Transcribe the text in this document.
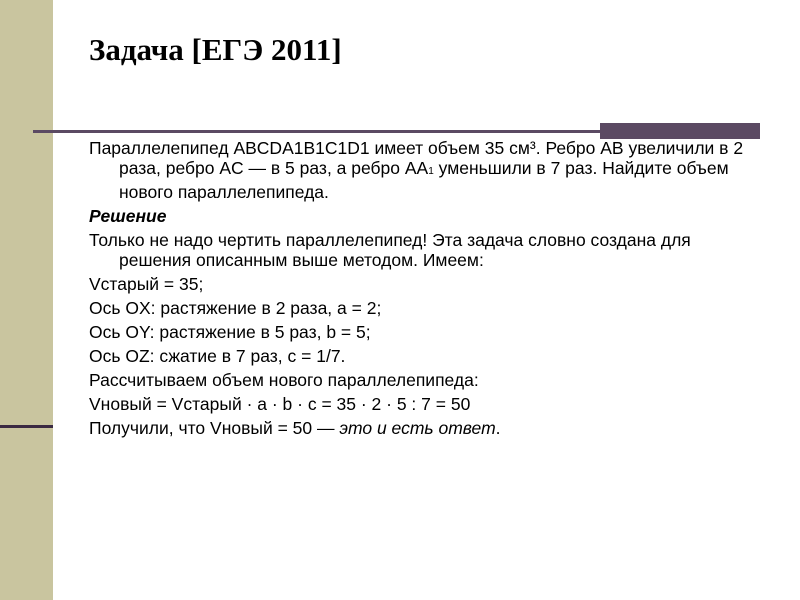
Задача [ЕГЭ 2011]

Параллелепипед ABCDA1B1C1D1 имеет объем 35 см³. Ребро AB увеличили в 2 раза, ребро AC — в 5 раз, а ребро AA1 уменьшили в 7 раз. Найдите объем нового параллелепипеда.

Решение

Только не надо чертить параллелепипед! Эта задача словно создана для решения описанным выше методом. Имеем:

Vстарый = 35;

Ось OX: растяжение в 2 раза, a = 2;

Ось OY: растяжение в 5 раз, b = 5;

Ось OZ: сжатие в 7 раз, c = 1/7.

Рассчитываем объем нового параллелепипеда:

Vновый = Vстарый · a · b · c = 35 · 2 · 5 : 7 = 50

Получили, что Vновый = 50 — это и есть ответ.
